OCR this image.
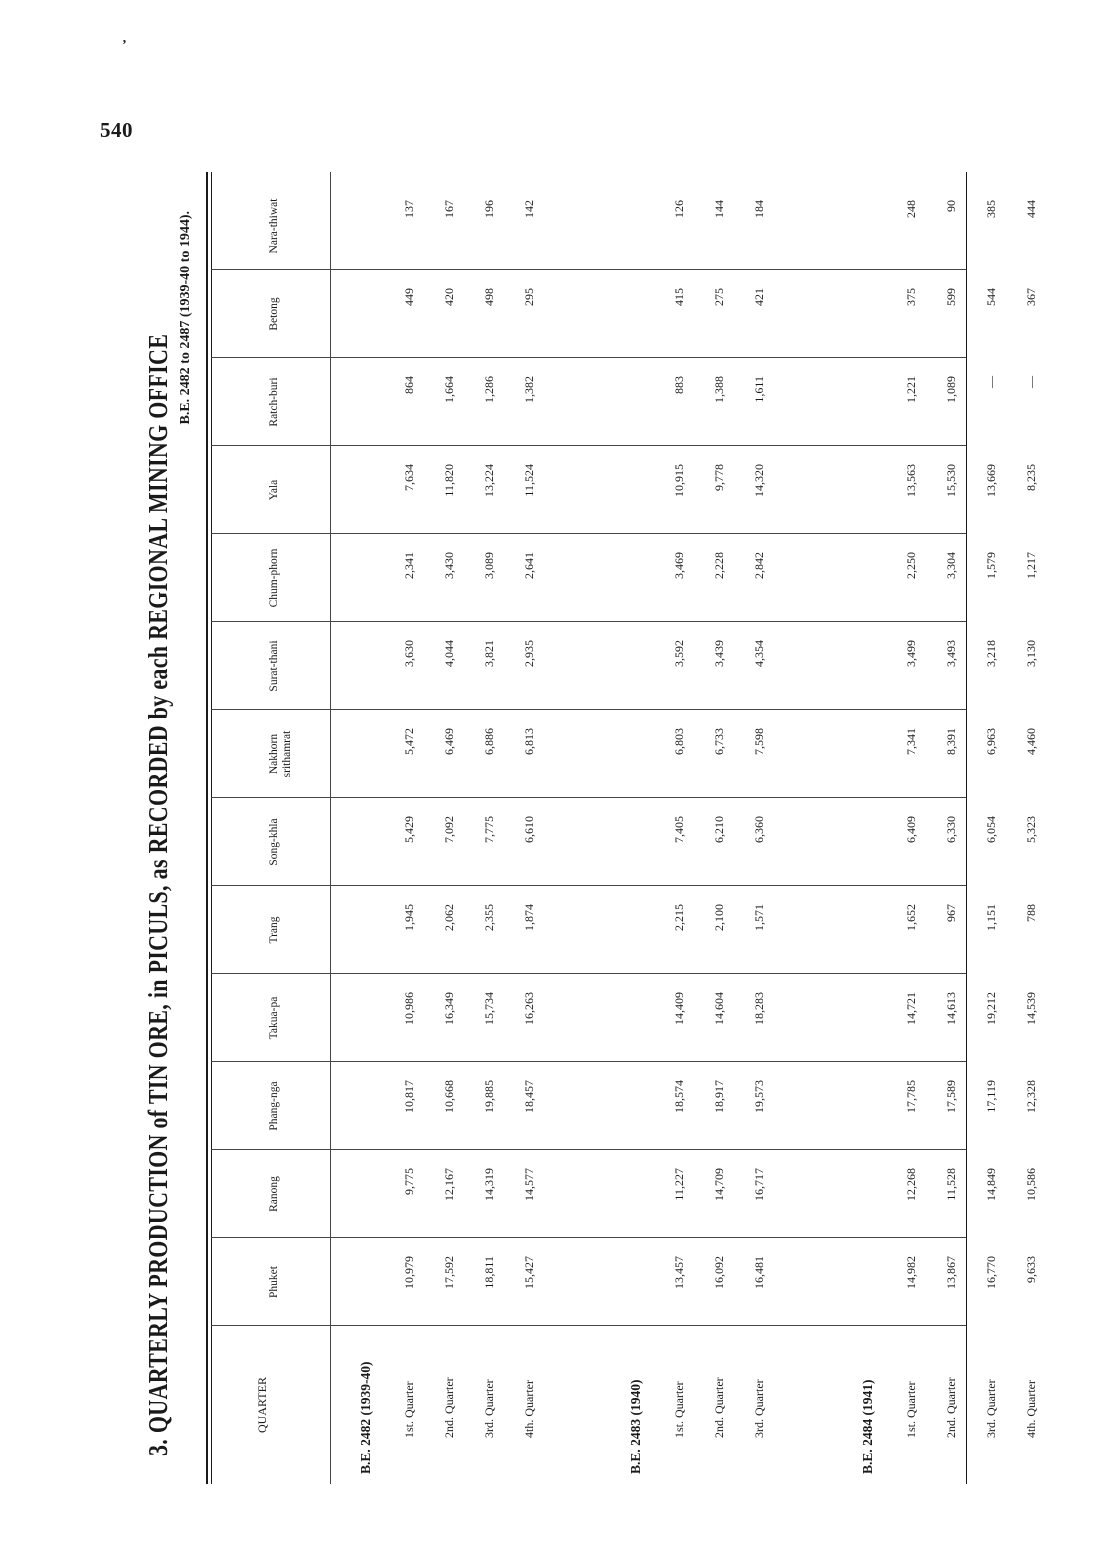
’
540
3. QUARTERLY PRODUCTION of TIN ORE, in PICULS, as RECORDED by each REGIONAL MINING OFFICE
B.E. 2482 to 2487 (1939-40 to 1944).
QUARTER
Phuket
Ranong
Phang-nga
Takua-pa
Trang
Song-khla
Nakhorn srithamrat
Surat-thani
Chum-phorn
Yala
Ratch-buri
Betong
Nara-thiwat
B.E. 2482 (1939-40) 1st. Quarter
10,979
9,775
10,817
10,986
1,945
5,429
5,472
3,630
2,341
7,634
864
449
137
2nd. Quarter
17,592
12,167
10,668
16,349
2,062
7,092
6,469
4,044
3,430
11,820
1,664
420
167
3rd. Quarter
18,811
14,319
19,885
15,734
2,355
7,775
6,886
3,821
3,089
13,224
1,286
498
196
4th. Quarter
15,427
14,577
18,457
16,263
1,874
6,610
6,813
2,935
2,641
11,524
1,382
295
142
B.E. 2483 (1940) 1st. Quarter
13,457
11,227
18,574
14,409
2,215
7,405
6,803
3,592
3,469
10,915
883
415
126
2nd. Quarter
16,092
14,709
18,917
14,604
2,100
6,210
6,733
3,439
2,228
9,778
1,388
275
144
3rd. Quarter
16,481
16,717
19,573
18,283
1,571
6,360
7,598
4,354
2,842
14,320
1,611
421
184
B.E. 2484 (1941) 1st. Quarter
14,982
12,268
17,785
14,721
1,652
6,409
7,341
3,499
2,250
13,563
1,221
375
248
2nd. Quarter
13,867
11,528
17,589
14,613
967
6,330
8,391
3,493
3,304
15,530
1,089
599
90
3rd. Quarter
16,770
14,849
17,119
19,212
1,151
6,054
6,963
3,218
1,579
13,669
—
544
385
4th. Quarter
9,633
10,586
12,328
14,539
788
5,323
4,460
3,130
1,217
8,235
—
367
444
